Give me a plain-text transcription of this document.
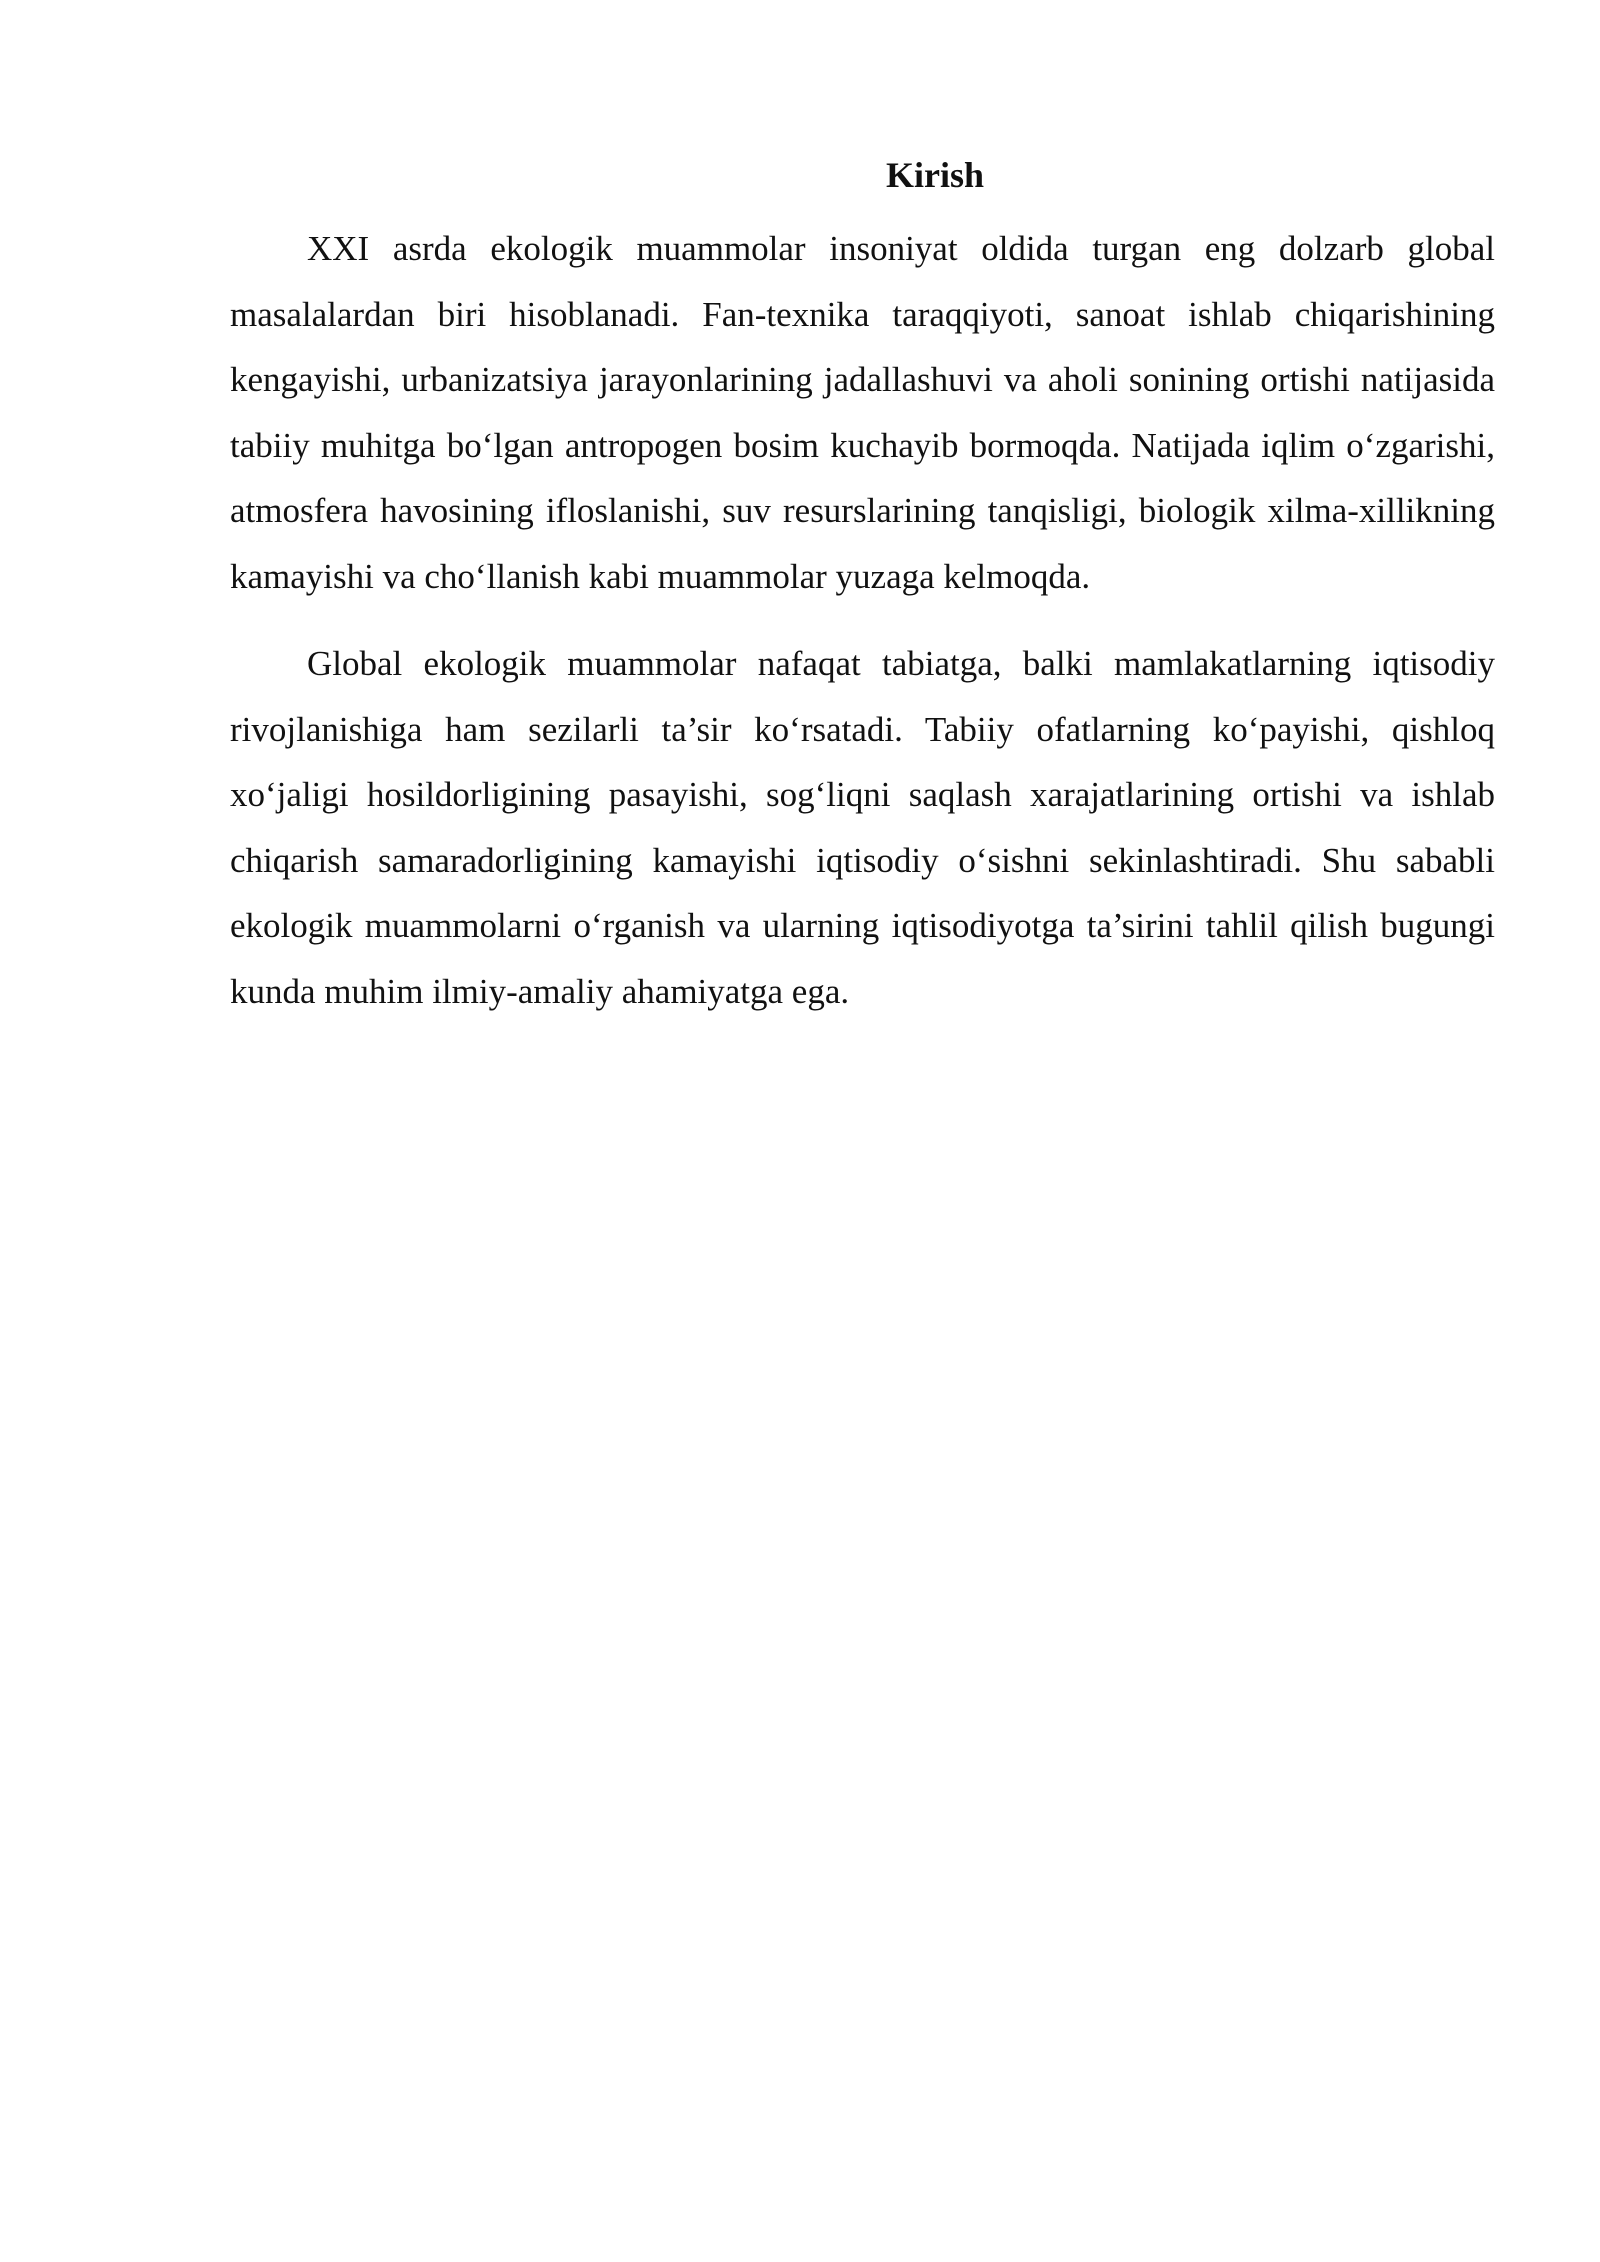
Kirish

XXI asrda ekologik muammolar insoniyat oldida turgan eng dolzarb global masalalardan biri hisoblanadi. Fan-texnika taraqqiyoti, sanoat ishlab chiqarishining kengayishi, urbanizatsiya jarayonlarining jadallashuvi va aholi sonining ortishi natijasida tabiiy muhitga bo‘lgan antropogen bosim kuchayib bormoqda. Natijada iqlim o‘zgarishi, atmosfera havosining ifloslanishi, suv resurslarining tanqisligi, biologik xilma-xillikning kamayishi va cho‘llanish kabi muammolar yuzaga kelmoqda.

Global ekologik muammolar nafaqat tabiatga, balki mamlakatlarning iqtisodiy rivojlanishiga ham sezilarli ta’sir ko‘rsatadi. Tabiiy ofatlarning ko‘payishi, qishloq xo‘jaligi hosildorligining pasayishi, sog‘liqni saqlash xarajatlarining ortishi va ishlab chiqarish samaradorligining kamayishi iqtisodiy o‘sishni sekinlashtiradi. Shu sababli ekologik muammolarni o‘rganish va ularning iqtisodiyotga ta’sirini tahlil qilish bugungi kunda muhim ilmiy-amaliy ahamiyatga ega.
